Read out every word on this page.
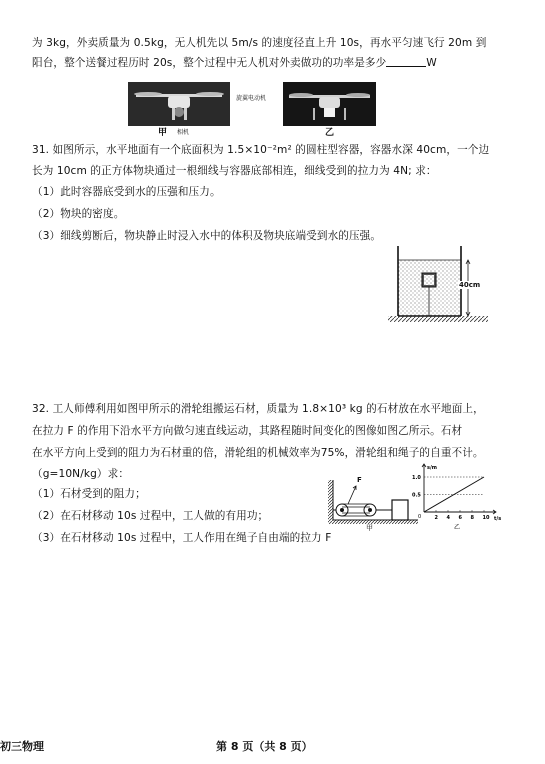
为 3kg，外卖质量为 0.5kg，无人机先以 5m/s 的速度径直上升 10s，再水平匀速飞行 20m 到
阳台，整个送餐过程历时 20s，整个过程中无人机对外卖做功的功率是多少	W
旋翼电动机
相机
甲	乙
31. 如图所示，水平地面有一个底面积为 1.5×10⁻²m² 的圆柱型容器，容器水深 40cm，一个边
长为 10cm 的正方体物块通过一根细线与容器底部相连，细线受到的拉力为 4N; 求：
（1）此时容器底受到水的压强和压力。
（2）物块的密度。
（3）细线剪断后，物块静止时浸入水中的体积及物块底端受到水的压强。
40cm
32. 工人师傅利用如图甲所示的滑轮组搬运石材，质量为 1.8×10³ kg 的石材放在水平地面上，
在拉力 F 的作用下沿水平方向做匀速直线运动，其路程随时间变化的图像如图乙所示。石材
在水平方向上受到的阻力为石材重的倍，滑轮组的机械效率为75%，滑轮组和绳子的自重不计。
（g=10N/kg）求：
（1）石材受到的阻力；
（2）在石材移动 10s 过程中，工人做的有用功；
（3）在石材移动 10s 过程中，工人作用在绳子自由端的拉力 F
F
甲
s/m
t/s
0
1.0
0.5
2 4 6 8 10
乙
初三物理	第 8 页（共 8 页）
